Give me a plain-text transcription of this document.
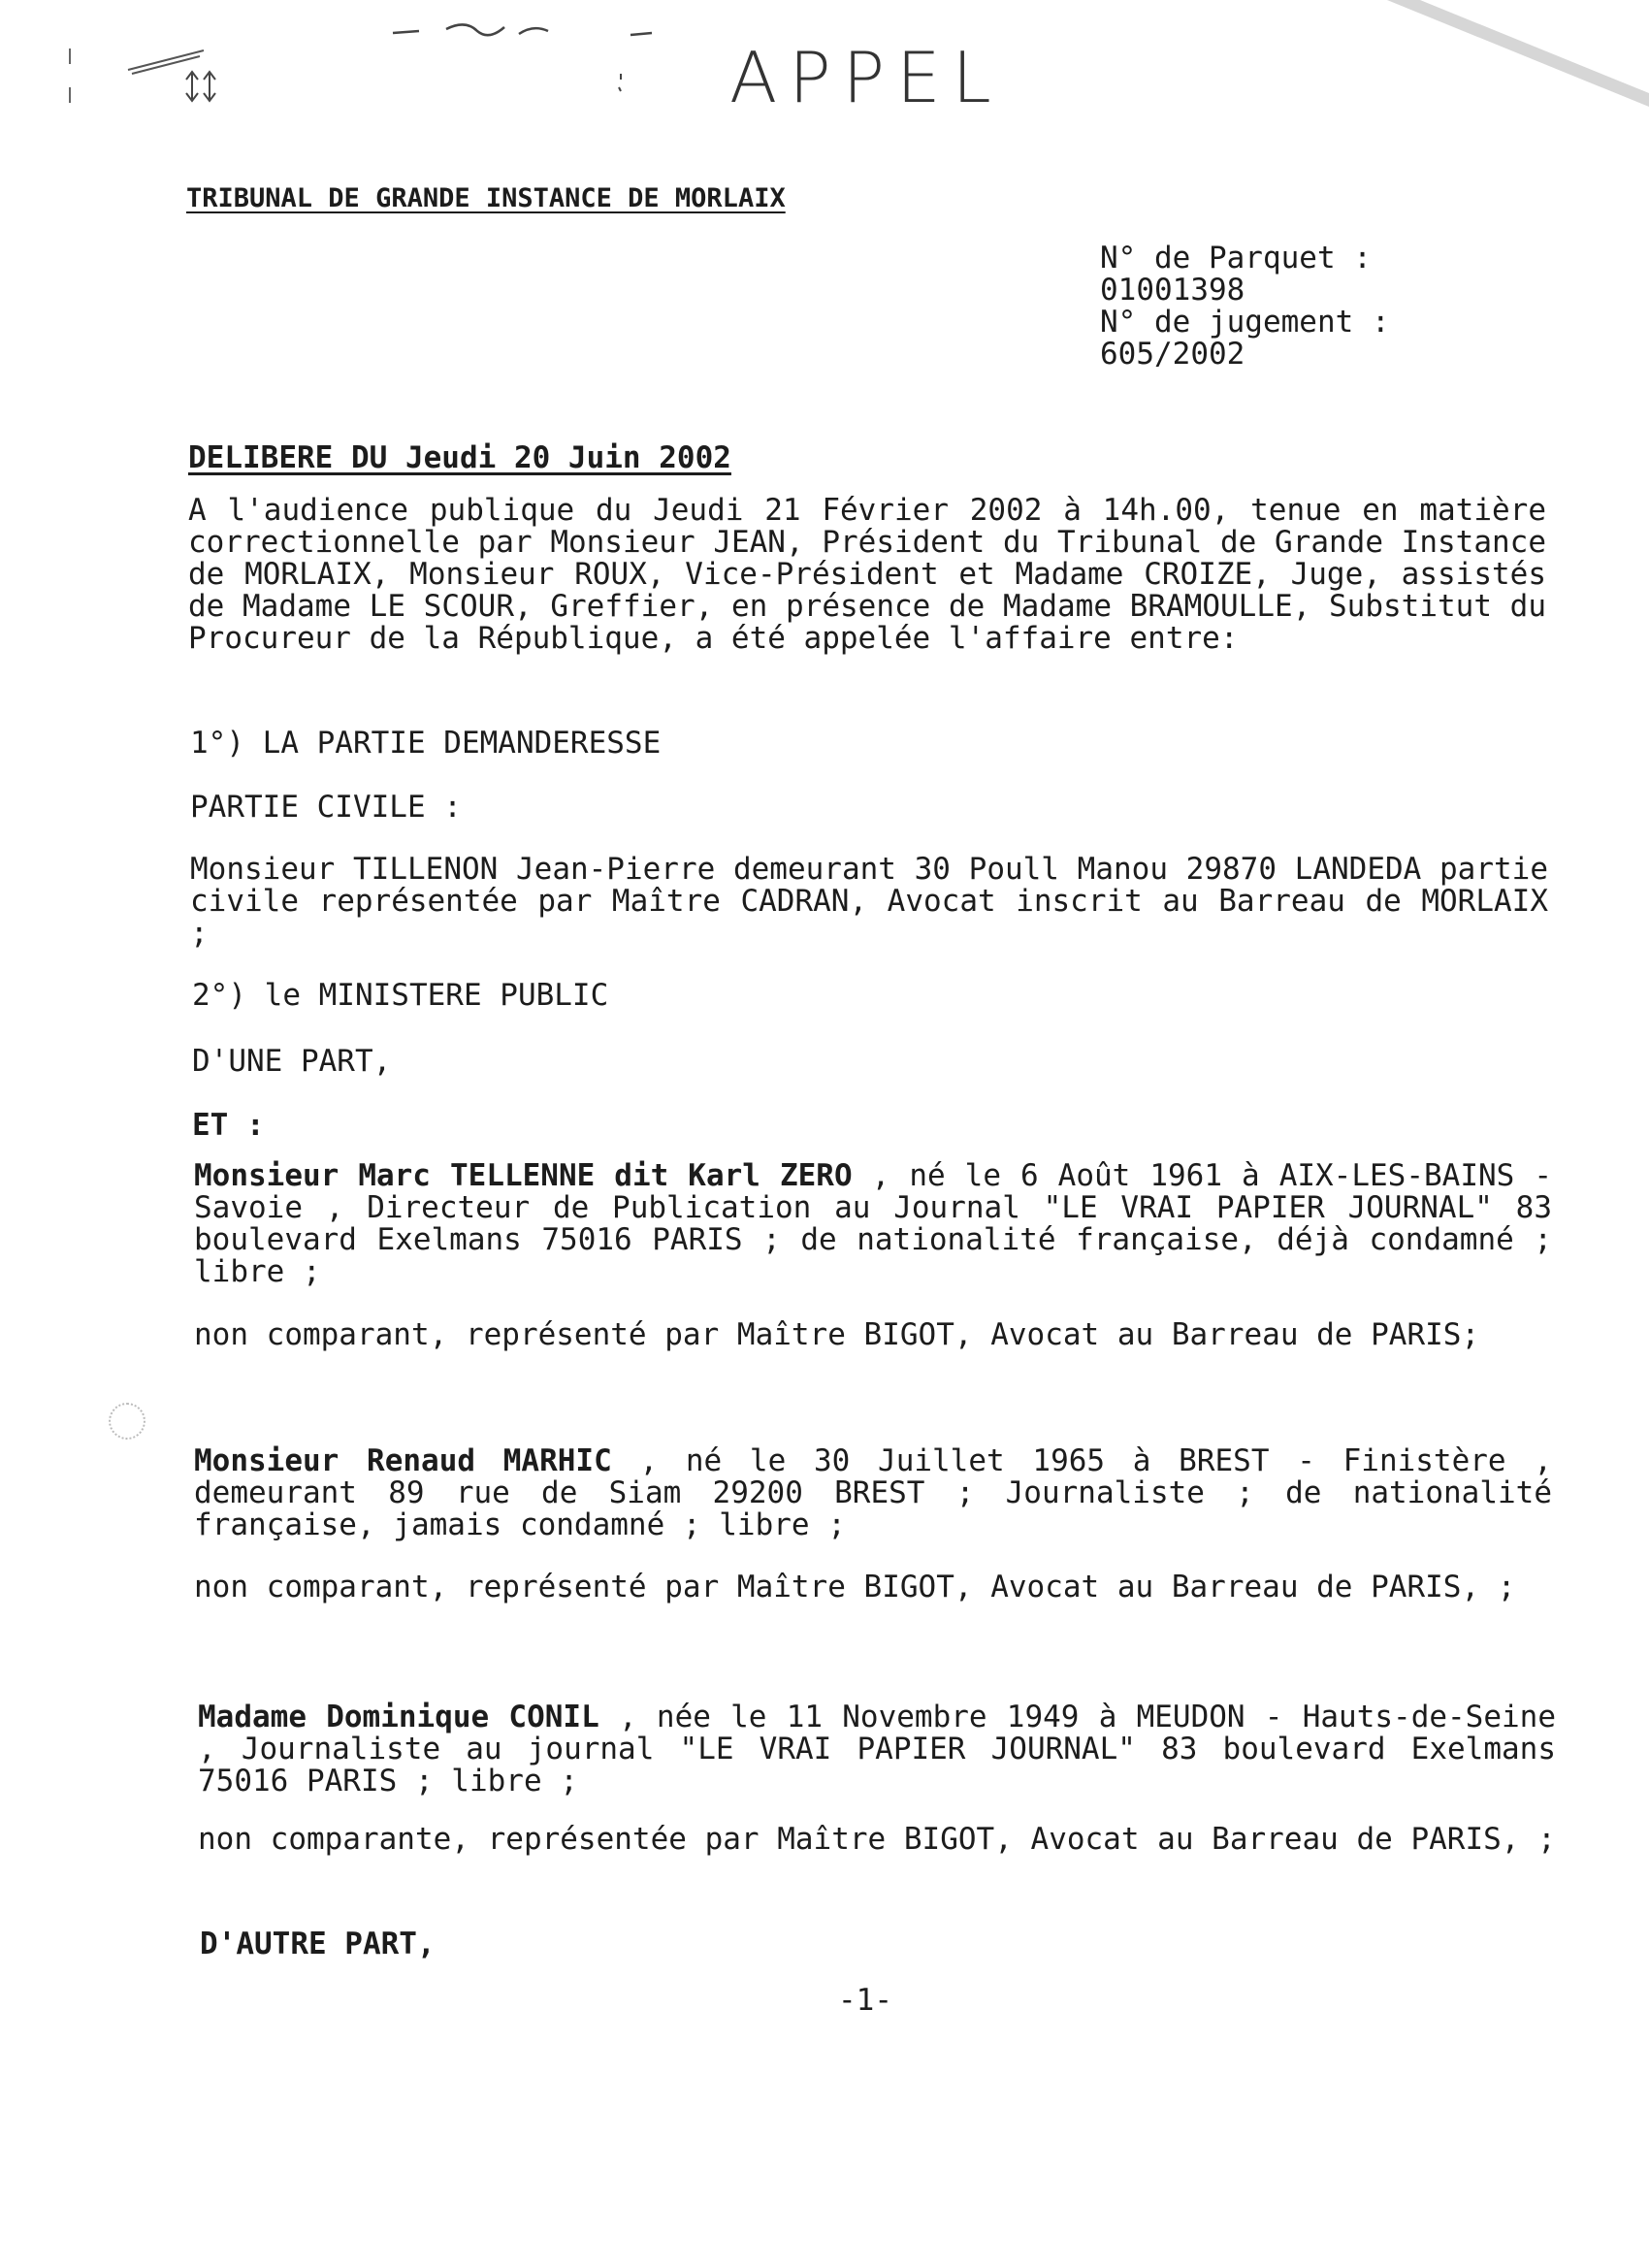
APPEL
TRIBUNAL DE GRANDE INSTANCE DE MORLAIX
N° de Parquet :
01001398
N° de jugement :
605/2002
DELIBERE DU Jeudi 20 Juin 2002
A l'audience publique du Jeudi 21 Février 2002 à 14h.00, tenue en matière correctionnelle par Monsieur JEAN, Président du Tribunal de Grande Instance de MORLAIX, Monsieur ROUX, Vice-Président et Madame CROIZE, Juge, assistés de Madame LE SCOUR, Greffier, en présence de Madame BRAMOULLE, Substitut du Procureur de la République, a été appelée l'affaire entre:
1°) LA PARTIE DEMANDERESSE
PARTIE CIVILE :
Monsieur TILLENON Jean-Pierre demeurant 30 Poull Manou 29870 LANDEDA partie civile représentée par Maître CADRAN, Avocat inscrit au Barreau de MORLAIX ;
2°) le MINISTERE PUBLIC
D'UNE PART,
ET :
Monsieur Marc TELLENNE dit Karl ZERO , né le 6 Août 1961 à AIX-LES-BAINS - Savoie , Directeur de Publication au Journal "LE VRAI PAPIER JOURNAL" 83 boulevard Exelmans 75016 PARIS ; de nationalité française, déjà condamné ; libre ;
non comparant, représenté par Maître BIGOT, Avocat au Barreau de PARIS;
Monsieur Renaud MARHIC , né le 30 Juillet 1965 à BREST - Finistère , demeurant 89 rue de Siam 29200 BREST ; Journaliste ; de nationalité française, jamais condamné ; libre ;
non comparant, représenté par Maître BIGOT, Avocat au Barreau de PARIS, ;
Madame Dominique CONIL , née le 11 Novembre 1949 à MEUDON - Hauts-de-Seine , Journaliste au journal "LE VRAI PAPIER JOURNAL" 83 boulevard Exelmans 75016 PARIS ; libre ;
non comparante, représentée par Maître BIGOT, Avocat au Barreau de PARIS, ;
D'AUTRE PART,
-1-
